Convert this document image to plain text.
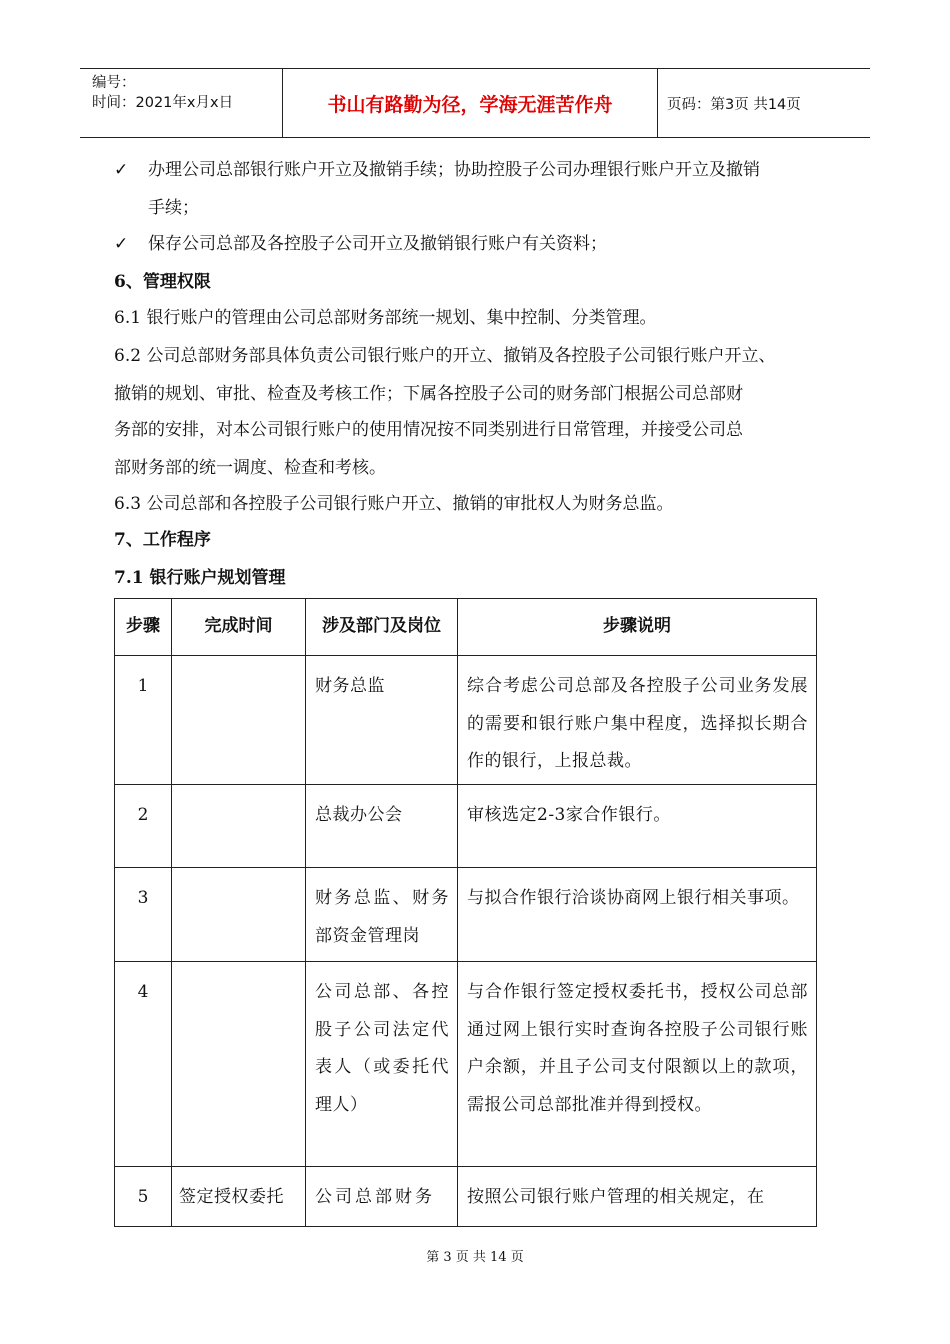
编号：
时间：2021年x月x日	书山有路勤为径，学海无涯苦作舟	页码：第3页 共14页
✓ 办理公司总部银行账户开立及撤销手续；协助控股子公司办理银行账户开立及撤销
手续；
✓ 保存公司总部及各控股子公司开立及撤销银行账户有关资料；
6、管理权限
6.1 银行账户的管理由公司总部财务部统一规划、集中控制、分类管理。
6.2 公司总部财务部具体负责公司银行账户的开立、撤销及各控股子公司银行账户开立、
撤销的规划、审批、检查及考核工作；下属各控股子公司的财务部门根据公司总部财
务部的安排，对本公司银行账户的使用情况按不同类别进行日常管理，并接受公司总
部财务部的统一调度、检查和考核。
6.3 公司总部和各控股子公司银行账户开立、撤销的审批权人为财务总监。
7、工作程序
7.1 银行账户规划管理
步骤	完成时间	涉及部门及岗位	步骤说明
1		财务总监	综合考虑公司总部及各控股子公司业务发展的需要和银行账户集中程度，选择拟长期合作的银行，上报总裁。
2		总裁办公会	审核选定2-3家合作银行。
3		财务总监、财务部资金管理岗	与拟合作银行洽谈协商网上银行相关事项。
4		公司总部、各控股子公司法定代表人（或委托代理人）	与合作银行签定授权委托书，授权公司总部通过网上银行实时查询各控股子公司银行账户余额，并且子公司支付限额以上的款项，需报公司总部批准并得到授权。
5	签定授权委托	公司总部财务	按照公司银行账户管理的相关规定，在
第 3 页 共 14 页
